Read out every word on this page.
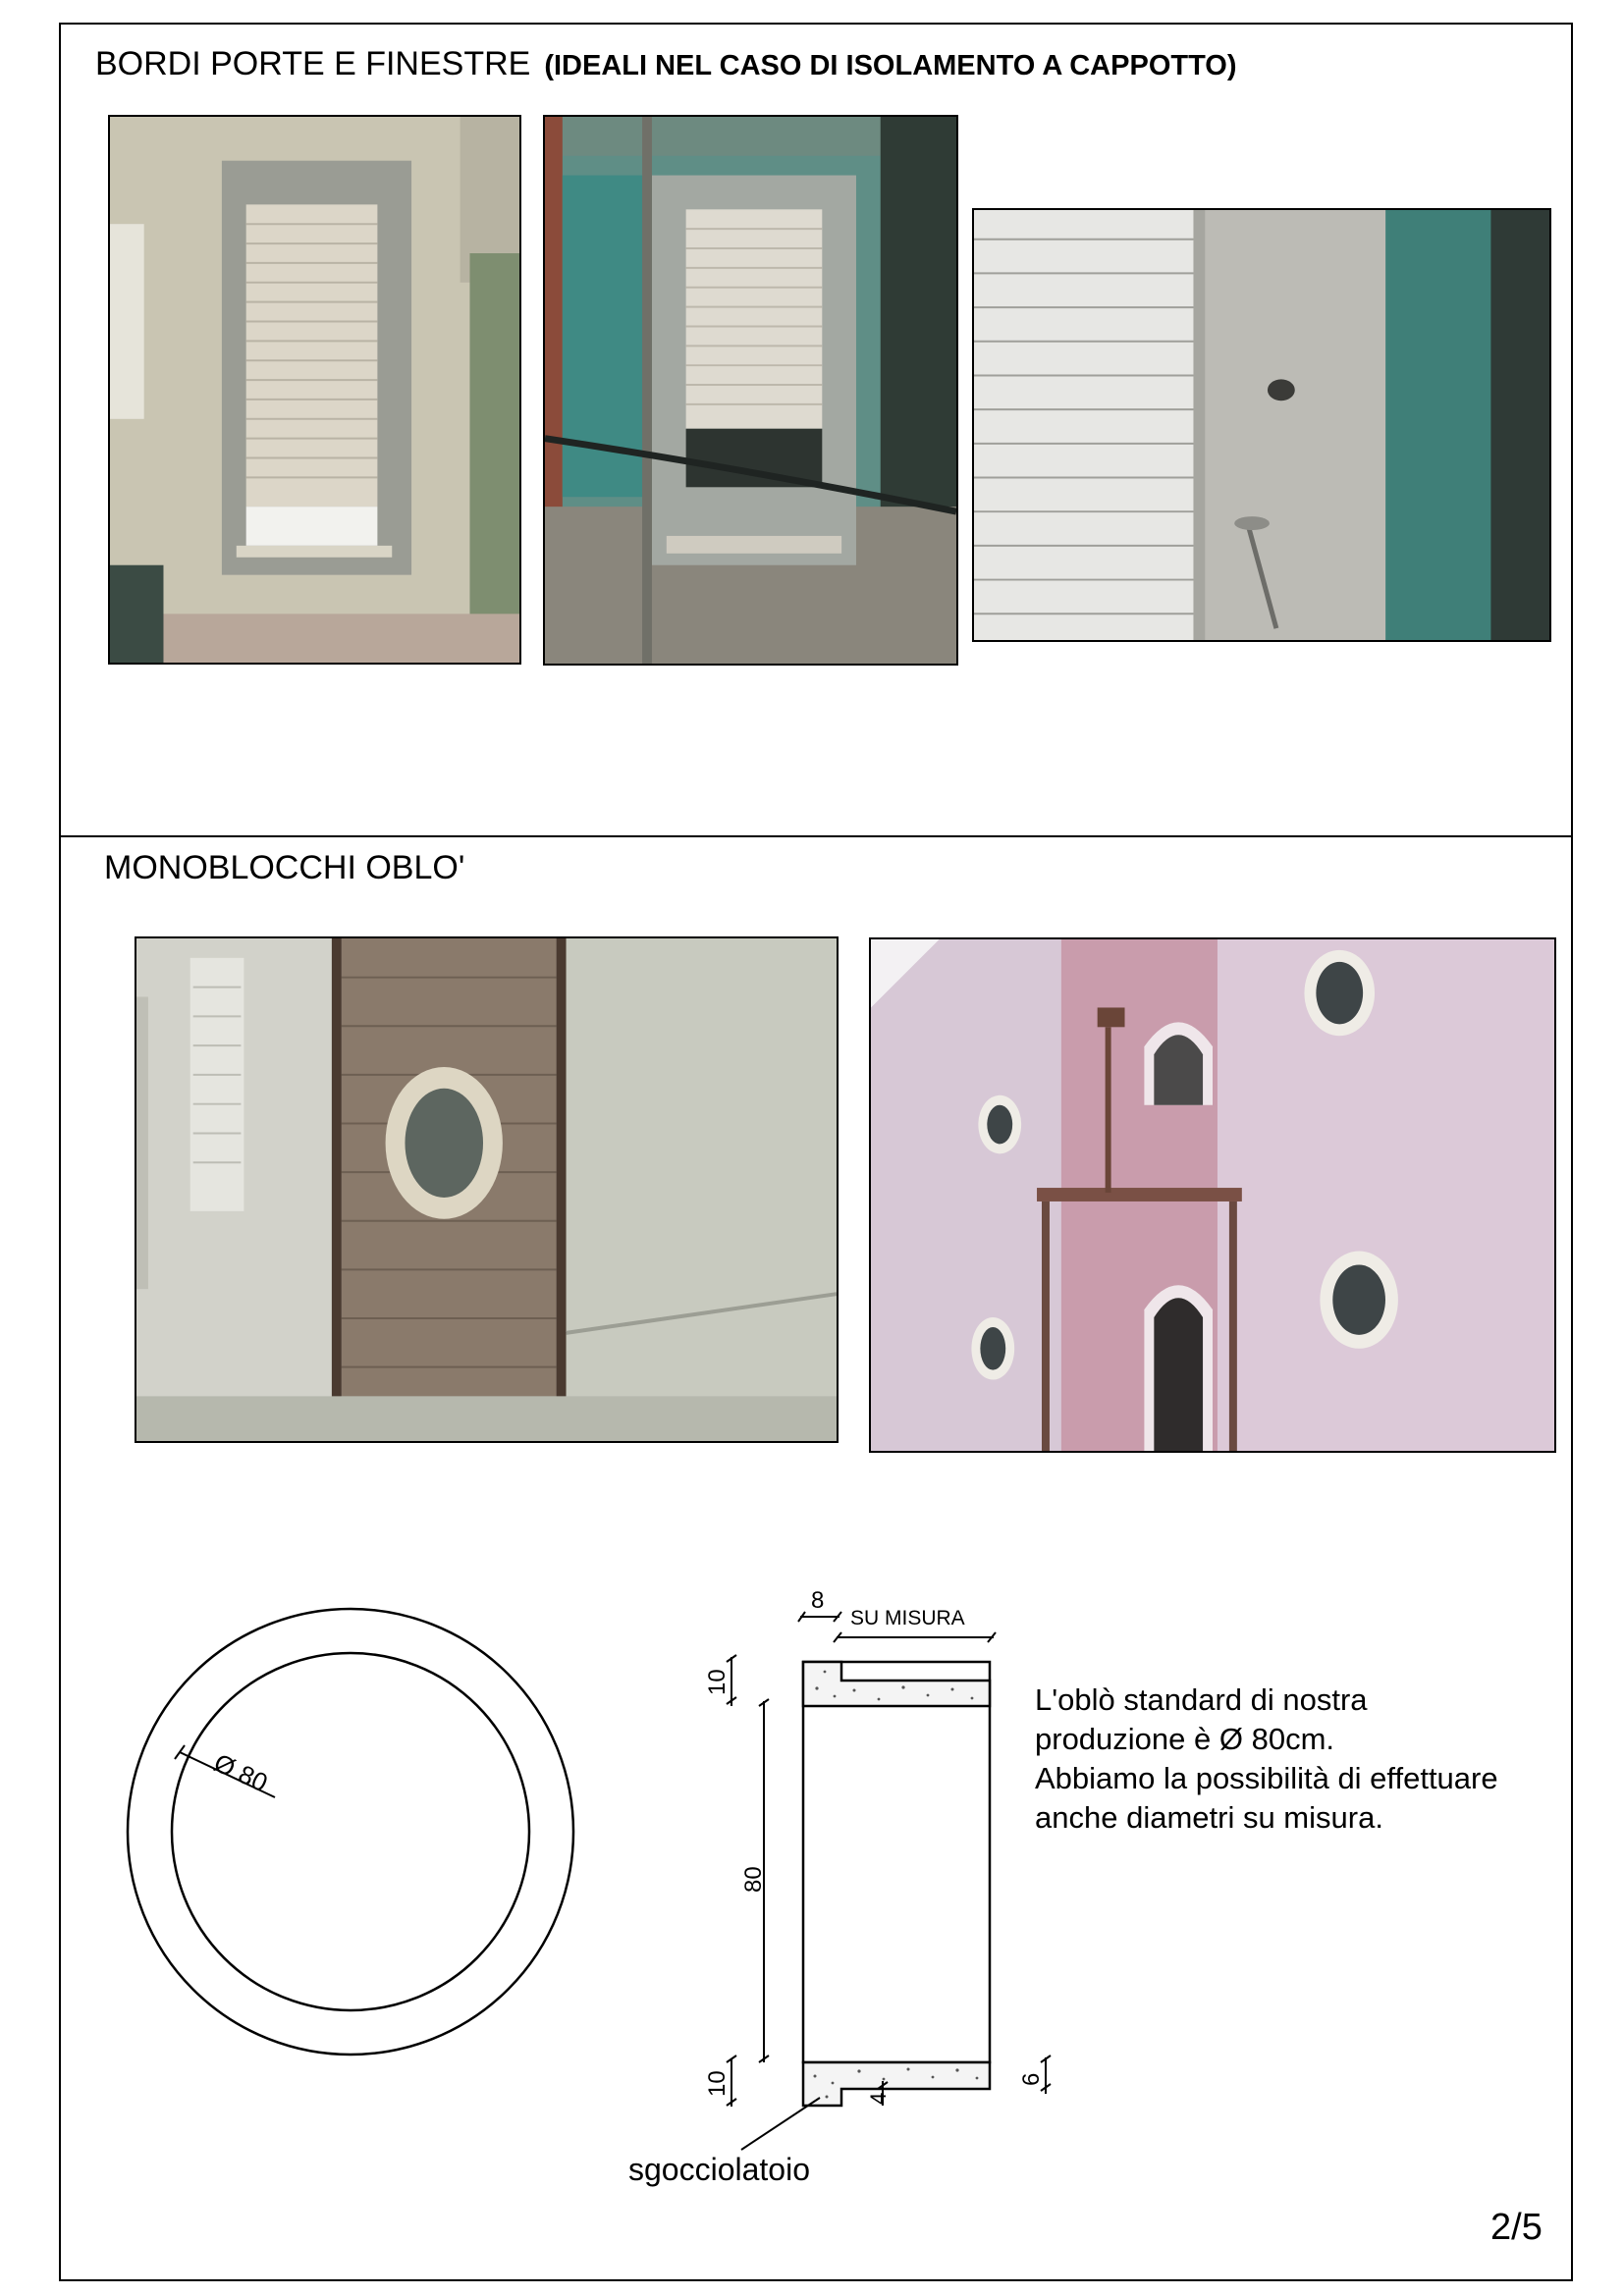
BORDI PORTE E FINESTRE (IDEALI NEL CASO DI ISOLAMENTO A CAPPOTTO)
MONOBLOCCHI OBLO'
Ø 80
8
SU MISURA
10
80
10	6
4
sgocciolatoio
L'oblò standard di nostra
produzione è Ø 80cm.
Abbiamo la possibilità di effettuare
anche diametri su misura.
2/5
